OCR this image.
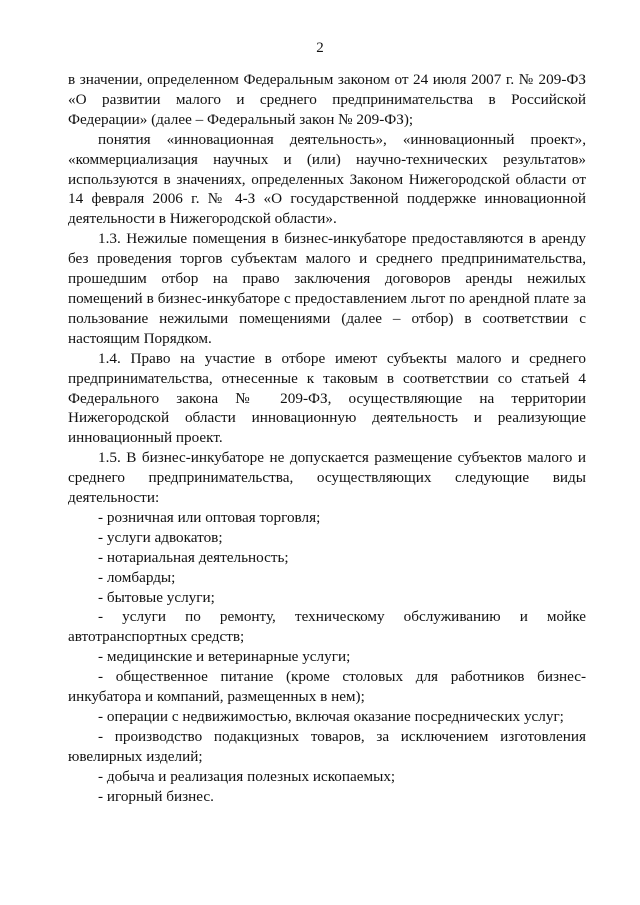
2

в значении, определенном Федеральным законом от 24 июля 2007 г. № 209-ФЗ «О развитии малого и среднего предпринимательства в Российской Федерации» (далее – Федеральный закон № 209-ФЗ);

понятия «инновационная деятельность», «инновационный проект», «коммерциализация научных и (или) научно-технических результатов» используются в значениях, определенных Законом Нижегородской области от 14 февраля 2006 г. № 4-З «О государственной поддержке инновационной деятельности в Нижегородской области».

1.3. Нежилые помещения в бизнес-инкубаторе предоставляются в аренду без проведения торгов субъектам малого и среднего предпринимательства, прошедшим отбор на право заключения договоров аренды нежилых помещений в бизнес-инкубаторе с предоставлением льгот по арендной плате за пользование нежилыми помещениями (далее – отбор) в соответствии с настоящим Порядком.

1.4. Право на участие в отборе имеют субъекты малого и среднего предпринимательства, отнесенные к таковым в соответствии со статьей 4 Федерального закона № 209-ФЗ, осуществляющие на территории Нижегородской области инновационную деятельность и реализующие инновационный проект.

1.5. В бизнес-инкубаторе не допускается размещение субъектов малого и среднего предпринимательства, осуществляющих следующие виды деятельности:

- розничная или оптовая торговля;
- услуги адвокатов;
- нотариальная деятельность;
- ломбарды;
- бытовые услуги;
- услуги по ремонту, техническому обслуживанию и мойке автотранспортных средств;
- медицинские и ветеринарные услуги;
- общественное питание (кроме столовых для работников бизнес-инкубатора и компаний, размещенных в нем);
- операции с недвижимостью, включая оказание посреднических услуг;
- производство подакцизных товаров, за исключением изготовления ювелирных изделий;
- добыча и реализация полезных ископаемых;
- игорный бизнес.
